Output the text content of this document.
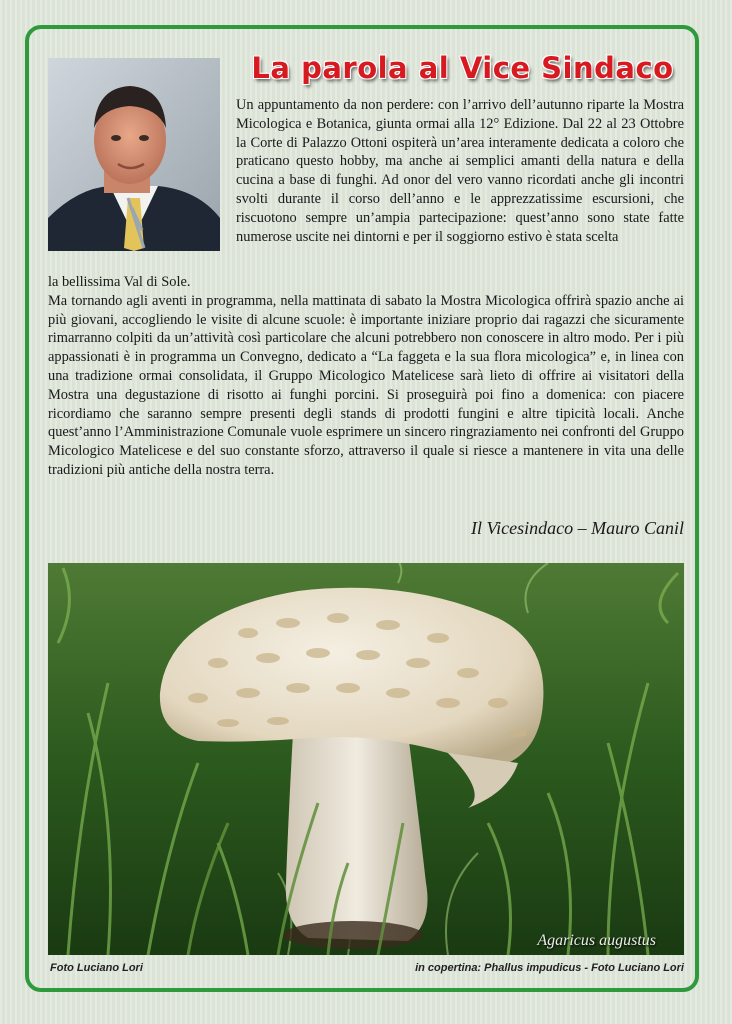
La parola al Vice Sindaco

Un appuntamento da non perdere: con l’arrivo dell’autunno riparte la Mostra Micologica e Botanica, giunta ormai alla 12° Edizione. Dal 22 al 23 Ottobre la Corte di Palazzo Ottoni ospiterà un’area interamente dedicata a coloro che praticano questo hobby, ma anche ai semplici amanti della natura e della cucina a base di funghi. Ad onor del vero vanno ricordati anche gli incontri svolti durante il corso dell’anno e le apprezzatissime escursioni, che riscuotono sempre un’ampia partecipazione: quest’anno sono state fatte numerose uscite nei dintorni e per il soggiorno estivo è stata scelta

la bellissima Val di Sole.

Ma tornando agli aventi in programma, nella mattinata di sabato la Mostra Micologica offrirà spazio anche ai più giovani, accogliendo le visite di alcune scuole: è importante iniziare proprio dai ragazzi che sicuramente rimarranno colpiti da un’attività così particolare che alcuni potrebbero non conoscere in altro modo. Per i più appassionati è in programma un Convegno, dedicato a “La faggeta e la sua flora micologica” e, in linea con una tradizione ormai consolidata, il Gruppo Micologico Matelicese sarà lieto di offrire ai visitatori della Mostra una degustazione di risotto ai funghi porcini. Si proseguirà poi fino a domenica: con piacere ricordiamo che saranno sempre presenti degli stands di prodotti fungini e altre tipicità locali. Anche quest’anno l’Amministrazione Comunale vuole esprimere un sincero ringraziamento nei confronti del Gruppo Micologico Matelicese e del suo constante sforzo, attraverso il quale si riesce a mantenere in vita una delle tradizioni più antiche della nostra terra.

Il Vicesindaco – Mauro Canil

Agaricus augustus

Foto Luciano Lori	in copertina: Phallus impudicus - Foto Luciano Lori
